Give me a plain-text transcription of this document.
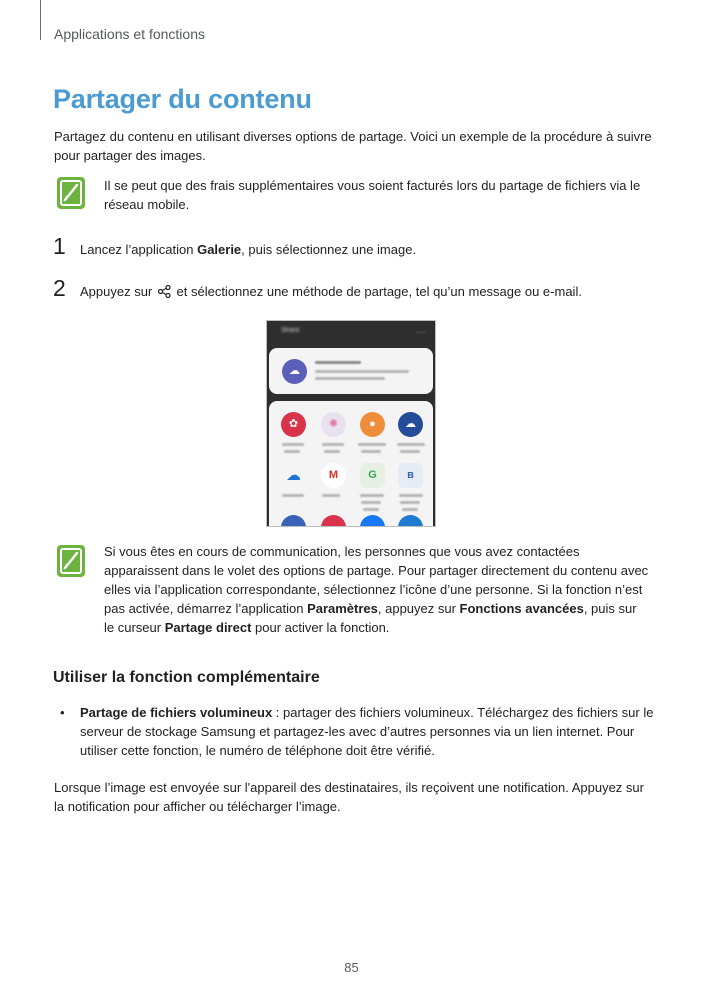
Applications et fonctions
Partager du contenu
Partagez du contenu en utilisant diverses options de partage. Voici un exemple de la procédure à suivre pour partager des images.
Il se peut que des frais supplémentaires vous soient facturés lors du partage de fichiers via le réseau mobile.
1 Lancez l’application Galerie, puis sélectionnez une image.
2 Appuyez sur et sélectionnez une méthode de partage, tel qu’un message ou e-mail.
Share	• • •
☁
✿	✺	●	☁
☁	M	G	ʙ
Si vous êtes en cours de communication, les personnes que vous avez contactées apparaissent dans le volet des options de partage. Pour partager directement du contenu avec elles via l’application correspondante, sélectionnez l’icône d’une personne. Si la fonction n’est pas activée, démarrez l’application Paramètres, appuyez sur Fonctions avancées, puis sur le curseur Partage direct pour activer la fonction.
Utiliser la fonction complémentaire
• Partage de fichiers volumineux : partager des fichiers volumineux. Téléchargez des fichiers sur le serveur de stockage Samsung et partagez-les avec d’autres personnes via un lien internet. Pour utiliser cette fonction, le numéro de téléphone doit être vérifié.
Lorsque l’image est envoyée sur l'appareil des destinataires, ils reçoivent une notification. Appuyez sur la notification pour afficher ou télécharger l’image.
85
